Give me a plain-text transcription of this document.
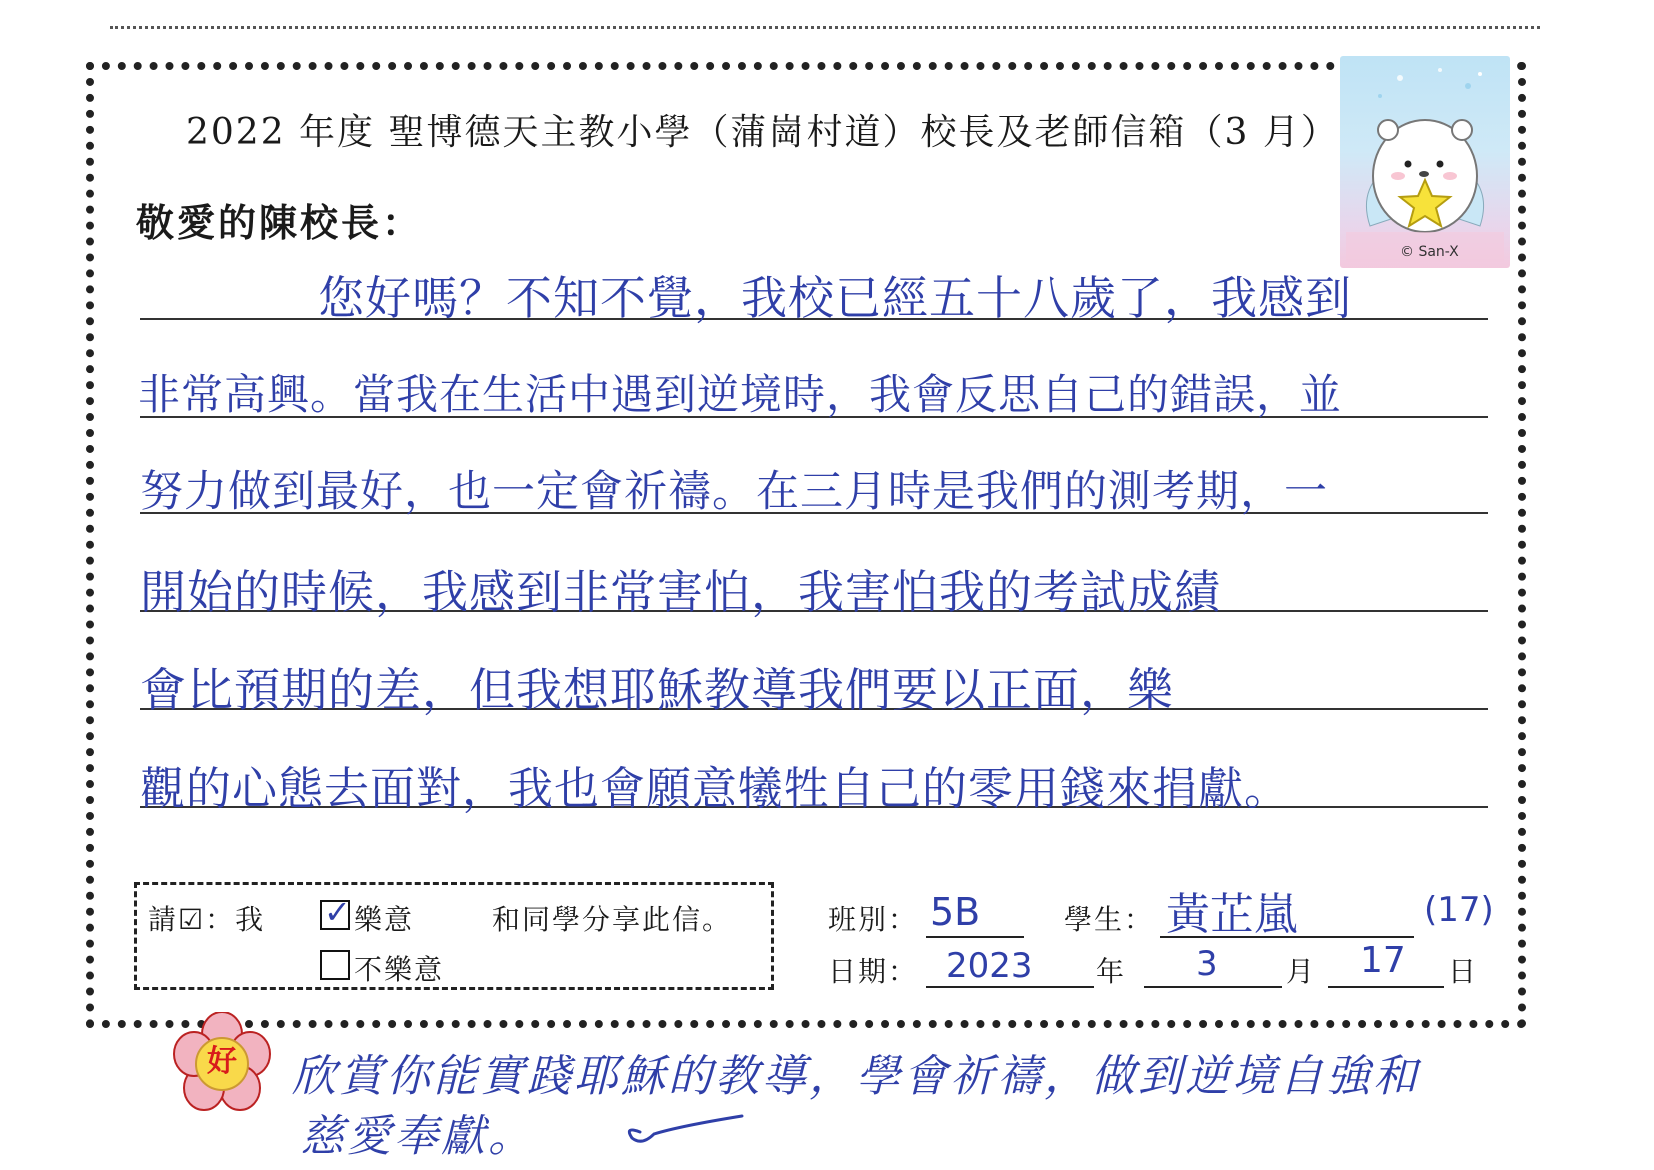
2022 年度 聖博德天主教小學（蒲崗村道）校長及老師信箱（3 月）
© San-X
敬愛的陳校長：
您好嗎？不知不覺，我校已經五十八歲了，我感到
非常高興。當我在生活中遇到逆境時，我會反思自己的錯誤，並
努力做到最好，也一定會祈禱。在三月時是我們的測考期，一
開始的時候，我感到非常害怕，我害怕我的考試成績
會比預期的差，但我想耶穌教導我們要以正面，樂
觀的心態去面對，我也會願意犧牲自己的零用錢來捐獻。
請☑：我 ✓ 樂意	和同學分享此信。
不樂意
班別： 5B	學生： 黃芷嵐	(17)
日期： 2023 年 3 月 17 日
好 欣賞你能實踐耶穌的教導，學會祈禱，做到逆境自強和
慈愛奉獻。
